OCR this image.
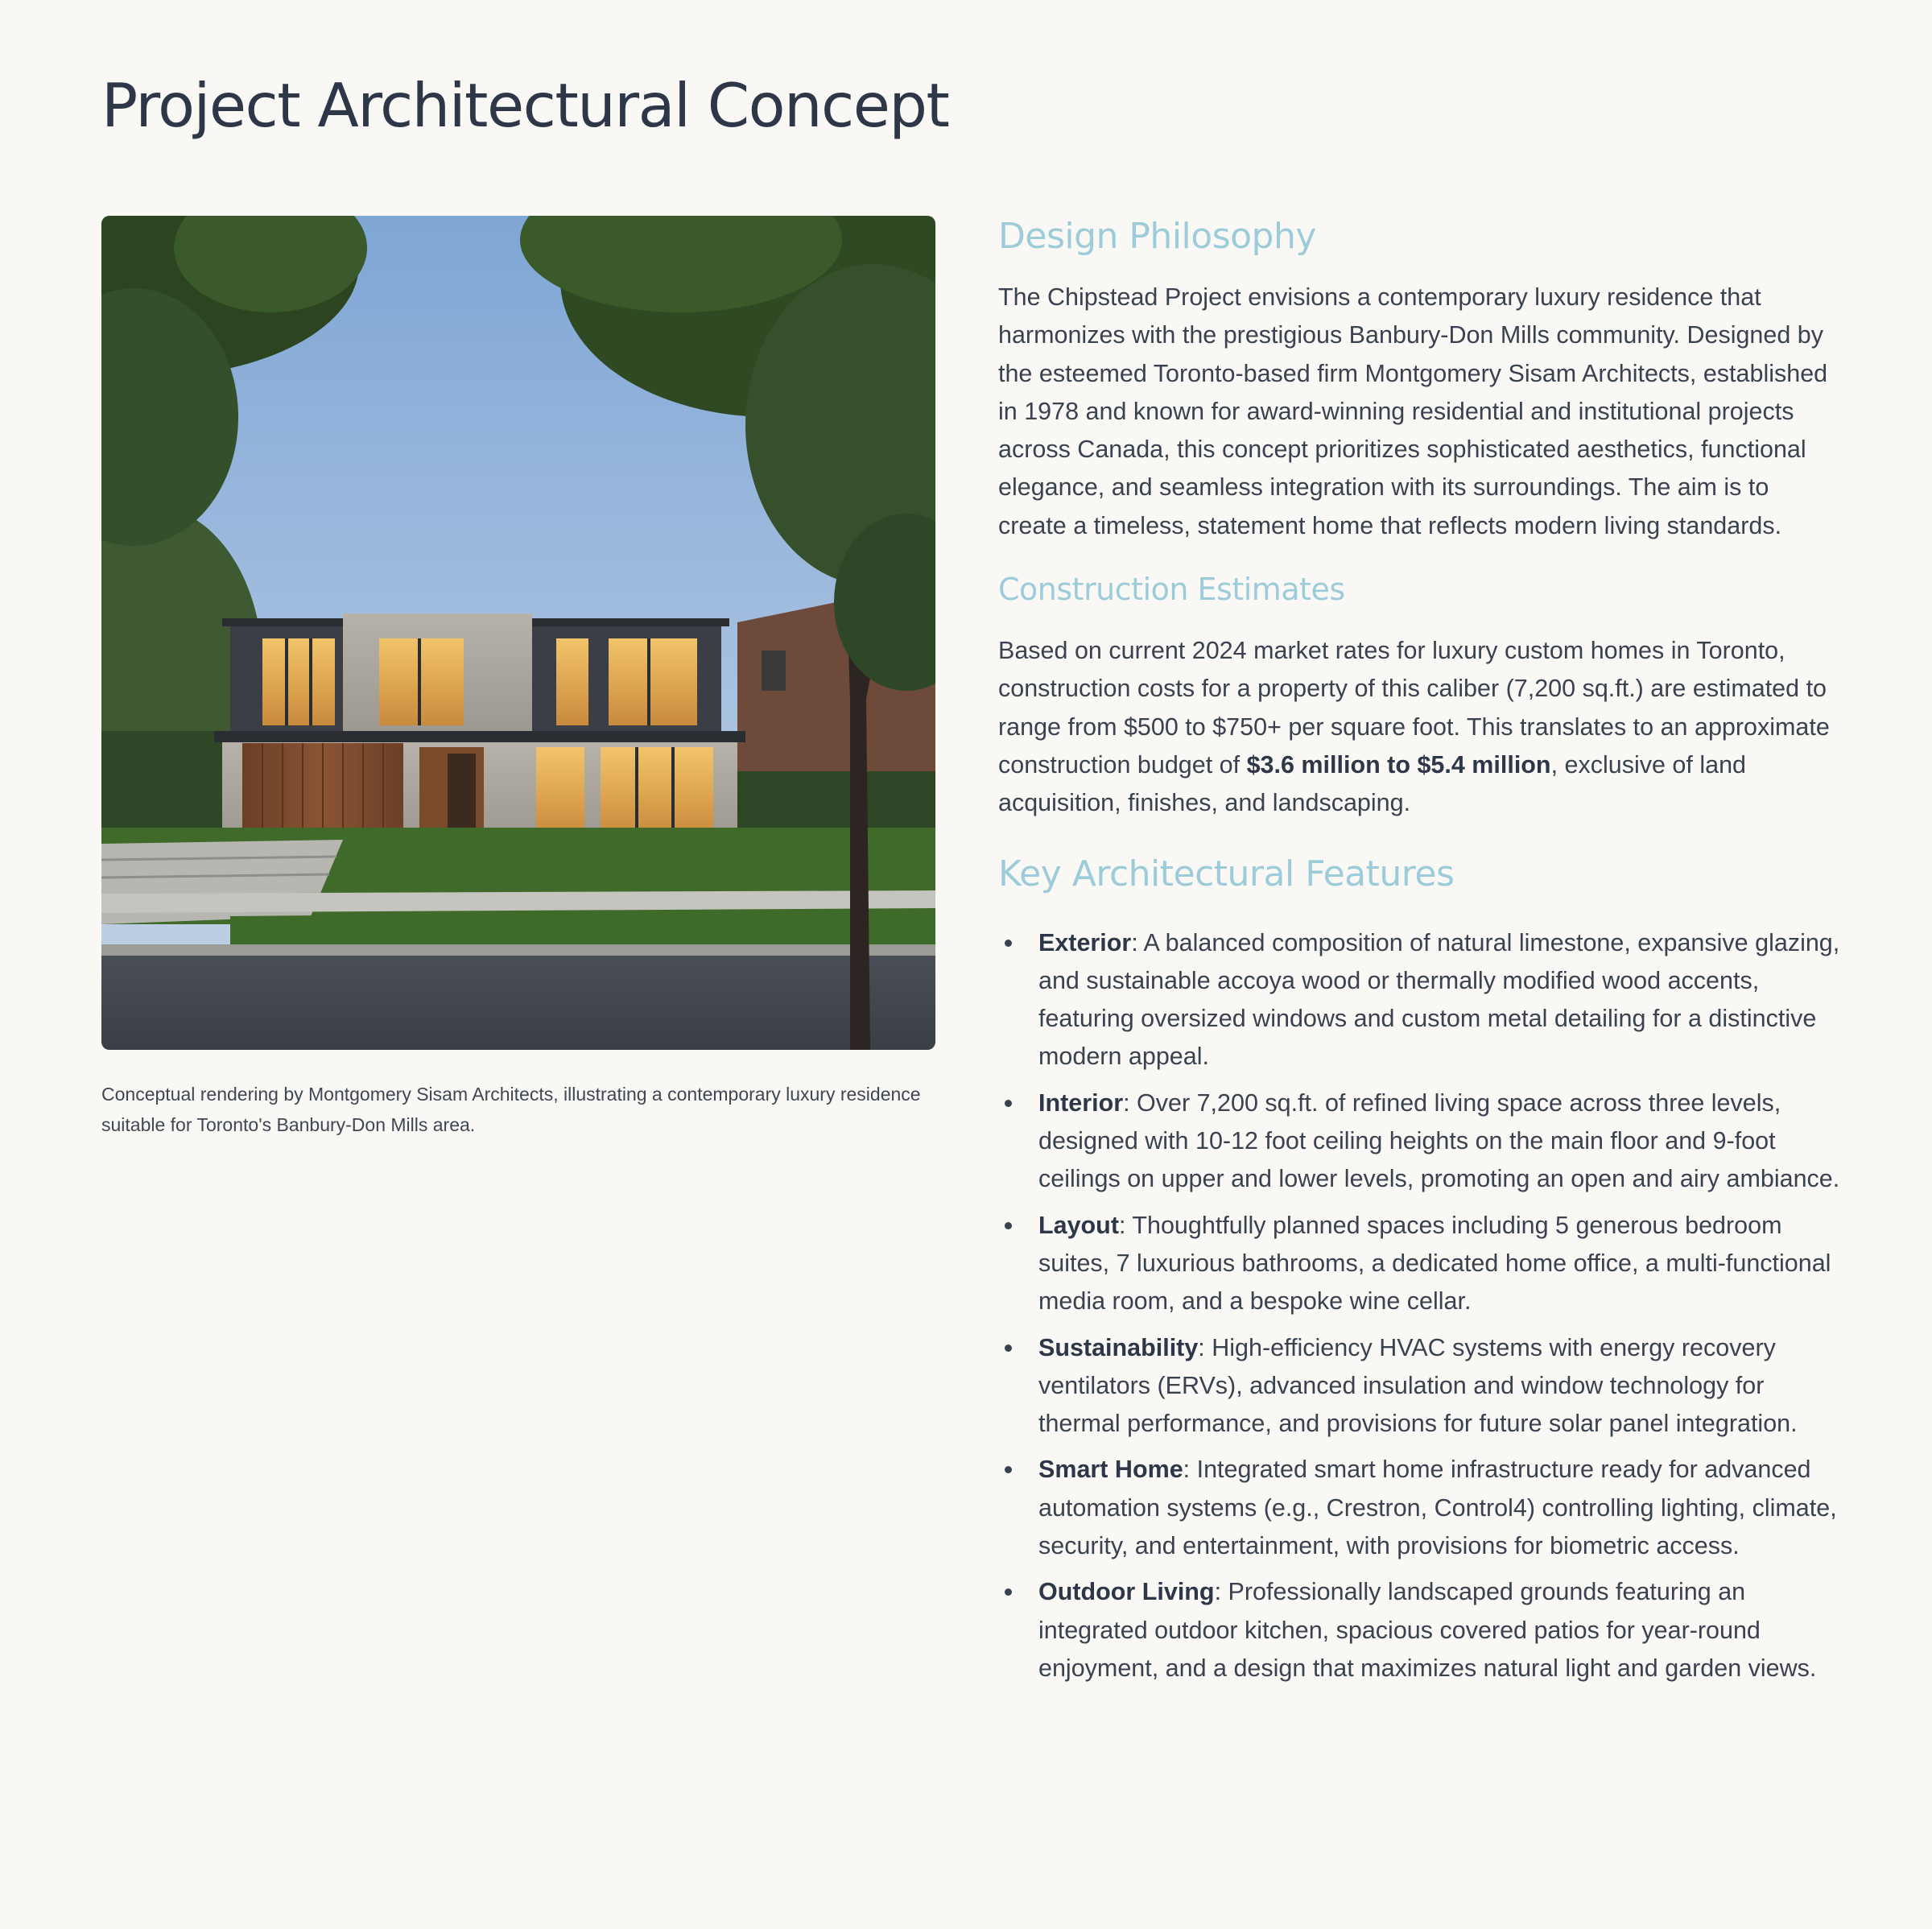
Project Architectural Concept

Conceptual rendering by Montgomery Sisam Architects, illustrating a contemporary luxury residence suitable for Toronto's Banbury-Don Mills area.

Design Philosophy

The Chipstead Project envisions a contemporary luxury residence that harmonizes with the prestigious Banbury-Don Mills community. Designed by the esteemed Toronto-based firm Montgomery Sisam Architects, established in 1978 and known for award-winning residential and institutional projects across Canada, this concept prioritizes sophisticated aesthetics, functional elegance, and seamless integration with its surroundings. The aim is to create a timeless, statement home that reflects modern living standards.

Construction Estimates

Based on current 2024 market rates for luxury custom homes in Toronto, construction costs for a property of this caliber (7,200 sq.ft.) are estimated to range from $500 to $750+ per square foot. This translates to an approximate construction budget of $3.6 million to $5.4 million, exclusive of land acquisition, finishes, and landscaping.

Key Architectural Features
Exterior: A balanced composition of natural limestone, expansive glazing, and sustainable accoya wood or thermally modified wood accents, featuring oversized windows and custom metal detailing for a distinctive modern appeal.
Interior: Over 7,200 sq.ft. of refined living space across three levels, designed with 10-12 foot ceiling heights on the main floor and 9-foot ceilings on upper and lower levels, promoting an open and airy ambiance.
Layout: Thoughtfully planned spaces including 5 generous bedroom suites, 7 luxurious bathrooms, a dedicated home office, a multi-functional media room, and a bespoke wine cellar.
Sustainability: High-efficiency HVAC systems with energy recovery ventilators (ERVs), advanced insulation and window technology for thermal performance, and provisions for future solar panel integration.
Smart Home: Integrated smart home infrastructure ready for advanced automation systems (e.g., Crestron, Control4) controlling lighting, climate, security, and entertainment, with provisions for biometric access.
Outdoor Living: Professionally landscaped grounds featuring an integrated outdoor kitchen, spacious covered patios for year-round enjoyment, and a design that maximizes natural light and garden views.
